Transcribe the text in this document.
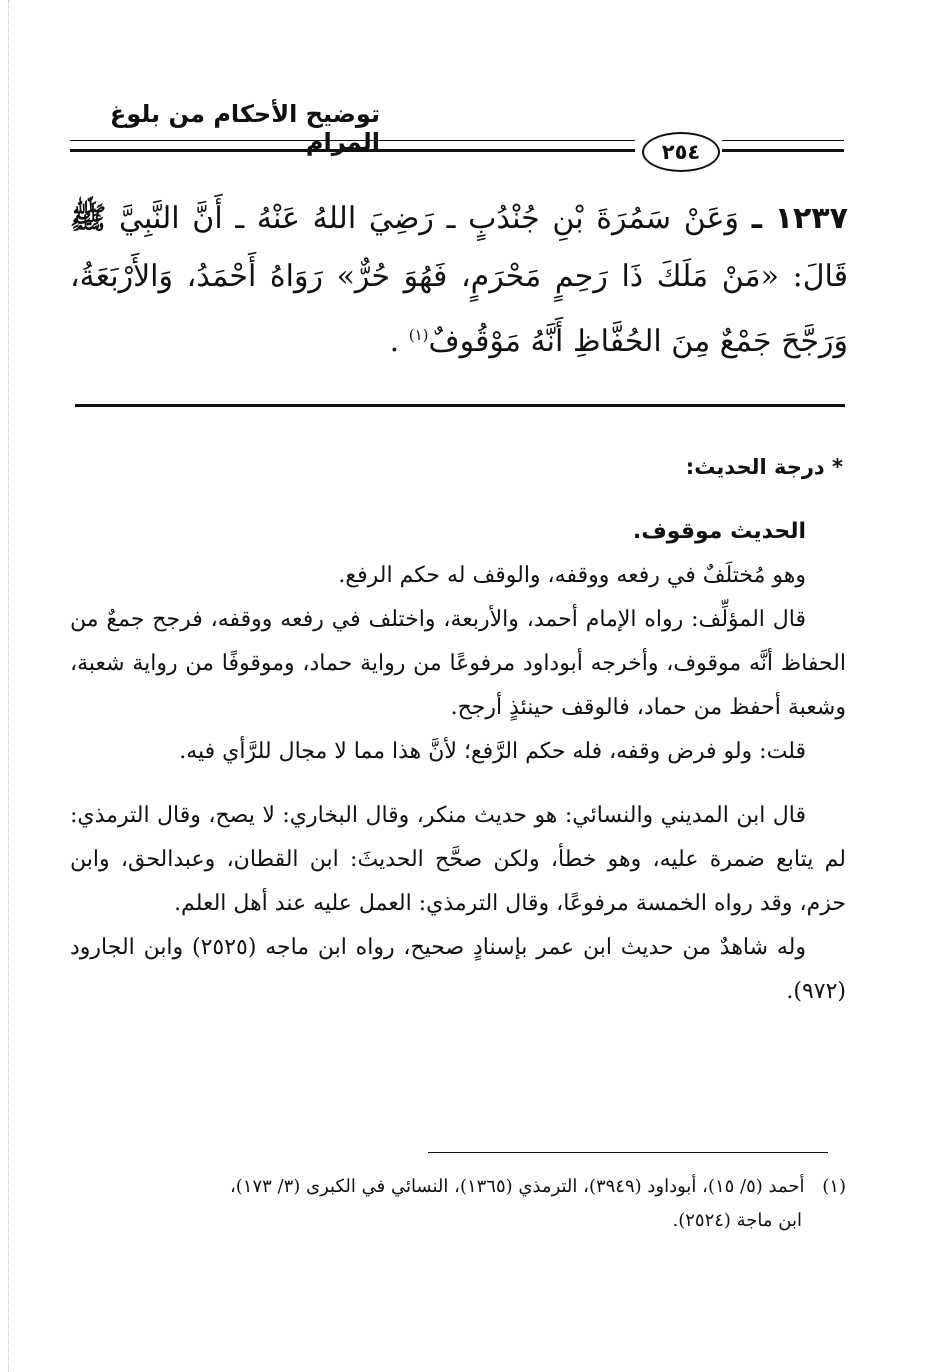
توضيح الأحكام من بلوغ المرام	٢٥٤
١٢٣٧ ـ وَعَنْ سَمُرَةَ بْنِ جُنْدُبٍ ـ رَضِيَ اللهُ عَنْهُ ـ أَنَّ النَّبِيَّ ﷺ قَالَ: «مَنْ مَلَكَ ذَا رَحِمٍ مَحْرَمٍ، فَهُوَ حُرٌّ» رَوَاهُ أَحْمَدُ، وَالأَرْبَعَةُ، وَرَجَّحَ جَمْعٌ مِنَ الحُفَّاظِ أَنَّهُ مَوْقُوفٌ$^{(١)}$ .
* درجة الحديث:

الحديث موقوف.

وهو مُختلَفٌ في رفعه ووقفه، والوقف له حكم الرفع.

قال المؤلِّف: رواه الإمام أحمد، والأربعة، واختلف في رفعه ووقفه، فرجح جمعٌ من الحفاظ أنَّه موقوف، وأخرجه أبوداود مرفوعًا من رواية حماد، وموقوفًا من رواية شعبة، وشعبة أحفظ من حماد، فالوقف حينئذٍ أرجح.

قلت: ولو فرض وقفه، فله حكم الرَّفع؛ لأنَّ هذا مما لا مجال للرَّأي فيه.

قال ابن المديني والنسائي: هو حديث منكر، وقال البخاري: لا يصح، وقال الترمذي: لم يتابع ضمرة عليه، وهو خطأ، ولكن صحَّح الحديثَ: ابن القطان، وعبدالحق، وابن حزم، وقد رواه الخمسة مرفوعًا، وقال الترمذي: العمل عليه عند أهل العلم.

وله شاهدٌ من حديث ابن عمر بإسنادٍ صحيح، رواه ابن ماجه (٢٥٢٥) وابن الجارود (٩٧٢).

(١) أحمد (٥/ ١٥)، أبوداود (٣٩٤٩)، الترمذي (١٣٦٥)، النسائي في الكبرى (٣/ ١٧٣)،
ابن ماجة (٢٥٢٤).
